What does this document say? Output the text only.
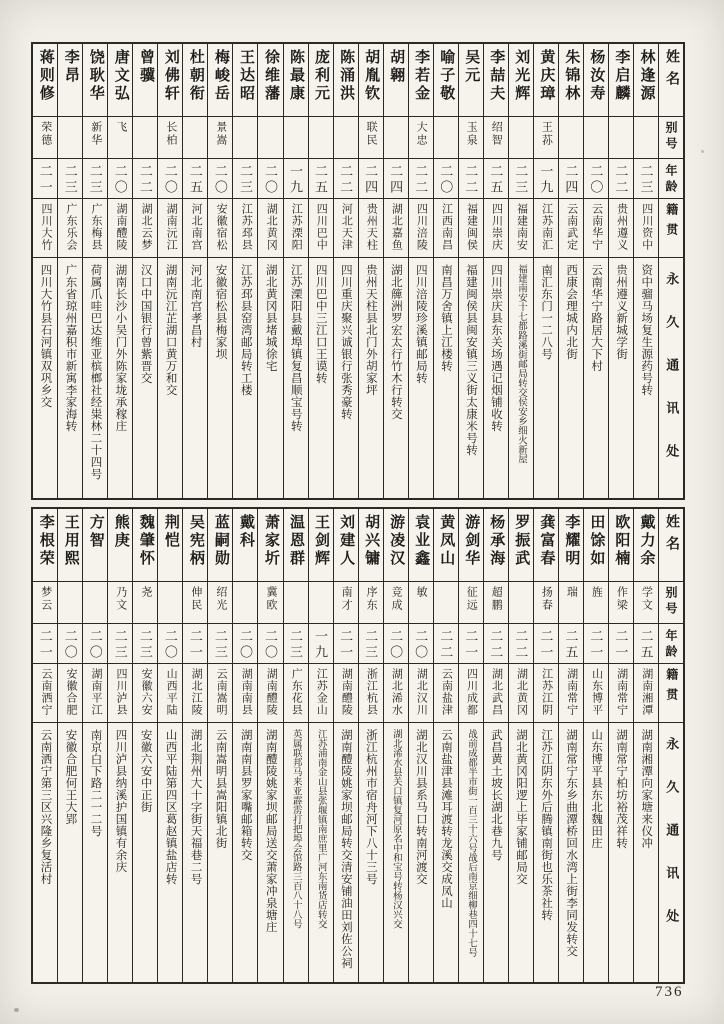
姓名
别号
年龄
籍贯
永久通讯处
林逢源
二三
四川资中
资中骝马场复生源药号转
李启麟
二二
贵州遵义
贵州遵义新城学街
杨汝寿
二〇
云南华宁
云南华宁路居大下村
朱锦林
二四
云南武定
西康会理城内北街
黄庆璋
王荪
一九
江苏南汇
南汇东门一二八号
刘光辉
二三
福建南安
福建南安十七都路溪街邮局转交侯安乡细火新屋
李喆夫
绍智
二五
四川崇庆
四川崇庆县东关场遇记烟铺收转
吴元
玉泉
二二
福建闽侯
福建闽侯县闽安镇三义街太康米号转
喻子敬
二〇
江西南昌
南昌万舍镇上江楼转
李若金
大忠
二二
四川涪陵
四川涪陵珍溪镇邮局转
胡翱
二四
湖北嘉鱼
湖北簰洲罗宏太行竹木行转交
胡胤钦
联民
二四
贵州天柱
贵州天柱县北门外胡家坪
陈涌洪
二二
河北天津
四川重庆聚兴诚银行张秀豪转
庞利元
二五
四川巴中
四川巴中三江口王谟转
陈最康
一九
江苏溧阳
江苏溧阳县戴埠镇复昌顺宝号转
徐维藩
二〇
湖北黄冈
湖北黄冈县堵城徐宅
王达昭
二三
江苏邳县
江苏邳县窑湾邮局转工楼
梅峻岳
景嵩
二〇
安徽宿松
安徽宿松县梅家坝
杜朝衔
二五
河北南宫
河北南宫孝昌村
刘佛轩
长柏
二〇
湖南沅江
湖南沅江芷湖口黄万和交
曾骥
二二
湖北云梦
汉口中国银行曾紫晋交
唐文弘
飞
二〇
湖南醴陵
湖南长沙小吴门外陈家垅承稼庄
饶耿华
新华
二三
广东梅县
荷属爪哇巴达维亚槟榔社经粜林二十四号
李昂
二三
广东乐会
广东省琼州嘉积市新寓李家海转
蒋则修
荣德
二一
四川大竹
四川大竹县石河镇双巩乡交
姓名
别号
年龄
籍贯
永久通讯处
戴力余
学文
二五
湖南湘潭
湖南湘潭向家塘来仪冲
欧阳楠
作梁
二一
湖南常宁
湖南常宁柏坊裕茂祥转
田馀如
旌
二一
山东博平
山东博平县东北魏田庄
李耀明
瑞
二五
湖南常宁
湖南常宁东乡曲潭桥回水湾上街李同发转交
龚富春
扬春
二一
江苏江阴
江苏江阴东外后腾镇南街也乐茶社转
罗振武
二二
湖北黄冈
湖北黄冈阳逻上毕家铺邮局交
杨承海
超鹏
二二
湖北武昌
武昌黄土坡长湖北巷九号
游剑华
征远
二一
四川成都
战前成都半市街一百三十六号战后南京细柳巷四十七号
黄凤山
二二
云南盐津
云南盐津县滩耳渡转龙溪交成凤山
袁业鑫
敏
二〇
湖北汉川
湖北汉川县系马口转南河渡交
游凌汉
竞成
二〇
湖北浠水
湖北浠水县关口镇复河原名中和宝号转杨汉兴交
胡兴镛
序东
二三
浙江杭县
浙江杭州市宿舟河下八十三号
刘建人
南才
二一
湖南醴陵
湖南醴陵姚家坝邮局转交清安铺油田刘佐公祠
王剑辉
一九
江苏金山
江苏浦南金山县张堰镇南庶里广河东南货店转交
温恩群
二三
广东花县
英属联邦马来亚霹雳打把埠会馆路三百八十八号
萧家圻
冀欧
二〇
湖南醴陵
湖南醴陵姚家坝邮局送交萧家冲泉塘庄
戴科
二〇
湖南南县
湖南南县罗家嘴邮箱转交
蓝嗣勋
绍光
二三
云南嵩明
云南嵩明县嵩阳镇北街
吴宪柄
伸民
二一
湖北江陵
湖北荆州大十字街天福巷二号
荆恺
二〇
山西平陆
山西平陆第四区葛赵镇盐店转
魏肇怀
尧
二三
安徽六安
安徽六安中正街
熊庚
乃文
二三
四川泸县
四川泸县纳溪护国镇有余庆
方智
二〇
湖南平江
南京白下路二一二号
王用熙
二〇
安徽合肥
安徽合肥何王大郢
李根荣
梦云
二一
云南洒宁
云南洒宁第三区兴隆乡复活村
736
